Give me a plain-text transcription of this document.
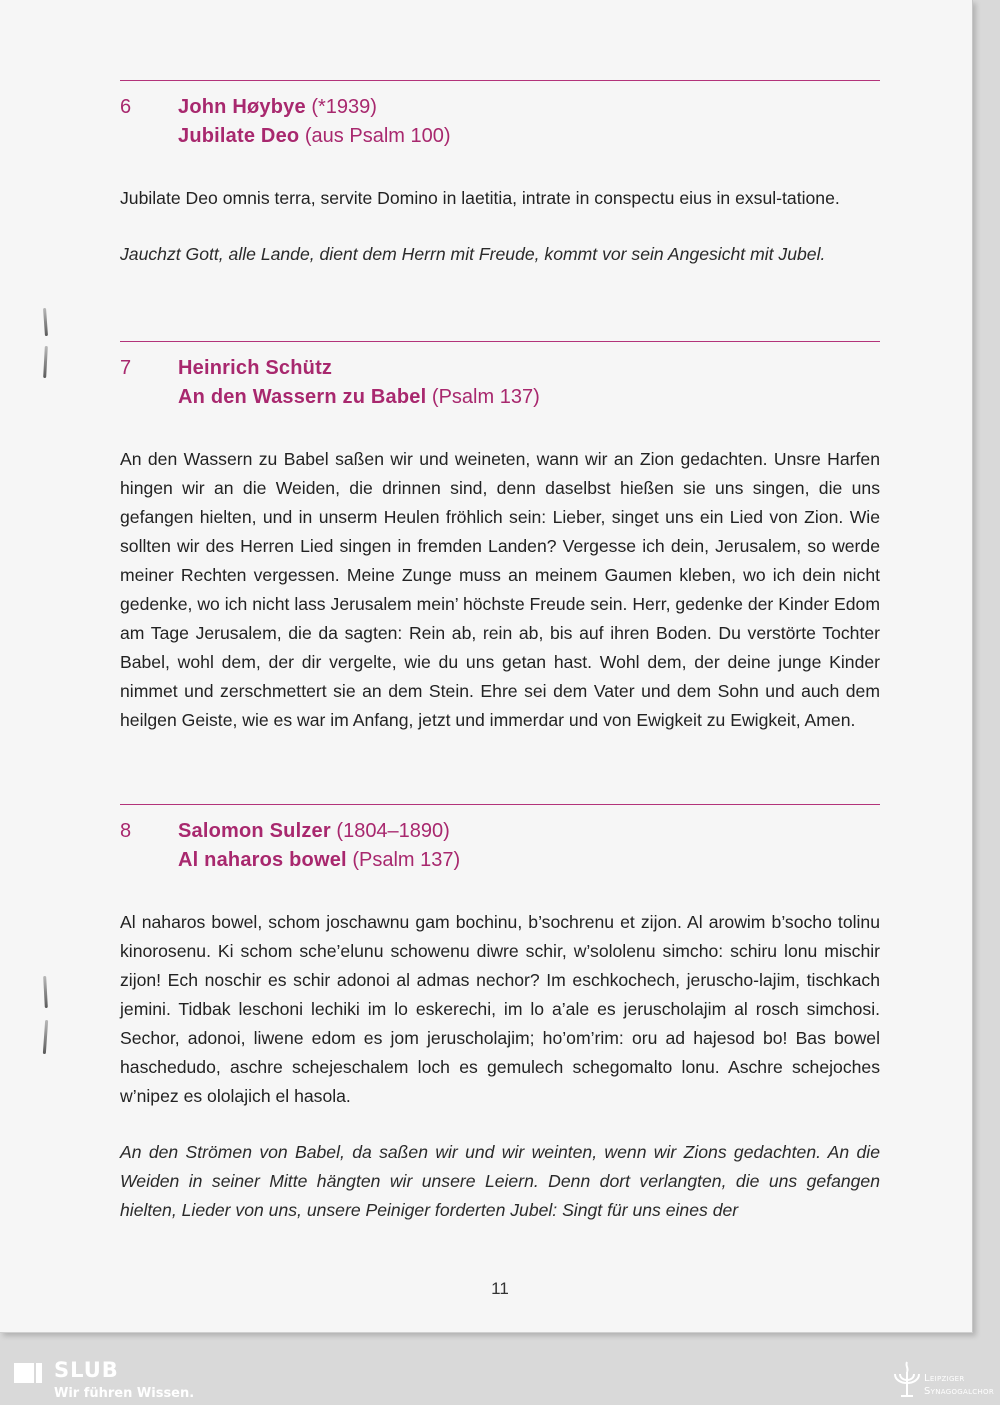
6	John Høybye (*1939)
Jubilate Deo (aus Psalm 100)
Jubilate Deo omnis terra, servite Domino in laetitia, intrate in conspectu eius in exsul-tatione.
Jauchzt Gott, alle Lande, dient dem Herrn mit Freude, kommt vor sein Angesicht mit Jubel.
7	Heinrich Schütz
An den Wassern zu Babel (Psalm 137)
An den Wassern zu Babel saßen wir und weineten, wann wir an Zion gedachten. Unsre Harfen hingen wir an die Weiden, die drinnen sind, denn daselbst hießen sie uns singen, die uns gefangen hielten, und in unserm Heulen fröhlich sein: Lieber, singet uns ein Lied von Zion. Wie sollten wir des Herren Lied singen in fremden Landen? Vergesse ich dein, Jerusalem, so werde meiner Rechten vergessen. Meine Zunge muss an meinem Gaumen kleben, wo ich dein nicht gedenke, wo ich nicht lass Jerusalem mein’ höchste Freude sein. Herr, gedenke der Kinder Edom am Tage Jerusalem, die da sagten: Rein ab, rein ab, bis auf ihren Boden. Du verstörte Tochter Babel, wohl dem, der dir vergelte, wie du uns getan hast. Wohl dem, der deine junge Kinder nimmet und zerschmettert sie an dem Stein. Ehre sei dem Vater und dem Sohn und auch dem heilgen Geiste, wie es war im Anfang, jetzt und immerdar und von Ewigkeit zu Ewigkeit, Amen.
8	Salomon Sulzer (1804–1890)
Al naharos bowel (Psalm 137)
Al naharos bowel, schom joschawnu gam bochinu, b’sochrenu et zijon. Al arowim b’socho tolinu kinorosenu. Ki schom sche’elunu schowenu diwre schir, w’sololenu simcho: schiru lonu mischir zijon! Ech noschir es schir adonoi al admas nechor? Im eschkochech, jeruscho-lajim, tischkach jemini. Tidbak leschoni lechiki im lo eskerechi, im lo a’ale es jeruscholajim al rosch simchosi. Sechor, adonoi, liwene edom es jom jeruscholajim; ho’om’rim: oru ad hajesod bo! Bas bowel haschedudo, aschre schejeschalem loch es gemulech schegomalto lonu. Aschre schejoches w’nipez es ololajich el hasola.
An den Strömen von Babel, da saßen wir und wir weinten, wenn wir Zions gedachten. An die Weiden in seiner Mitte hängten wir unsere Leiern. Denn dort verlangten, die uns gefangen hielten, Lieder von uns, unsere Peiniger forderten Jubel: Singt für uns eines der
11
SLUB
Wir führen Wissen.
Leipziger
Synagogalchor
